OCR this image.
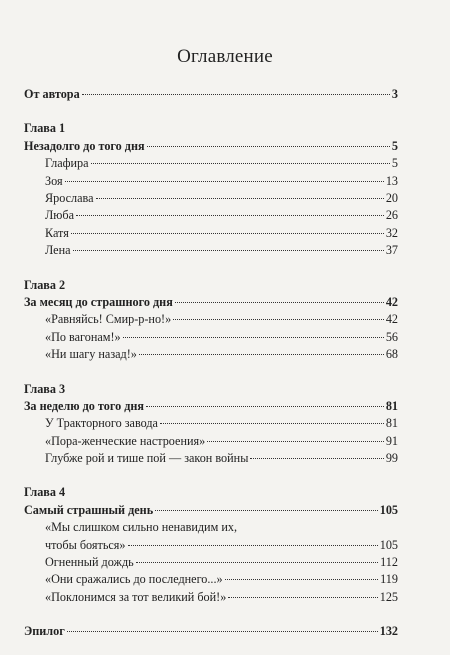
Оглавление
От автора	3
Глава 1
Незадолго до того дня	5
Глафира	5
Зоя	13
Ярослава	20
Люба	26
Катя	32
Лена	37
Глава 2
За месяц до страшного дня	42
«Равняйсь! Смир-р-но!»	42
«По вагонам!»	56
«Ни шагу назад!»	68
Глава 3
За неделю до того дня	81
У Тракторного завода	81
«Пора-женческие настроения»	91
Глубже рой и тише пой — закон войны	99
Глава 4
Самый страшный день	105
«Мы слишком сильно ненавидим их,
чтобы бояться»	105
Огненный дождь	112
«Они сражались до последнего...»	119
«Поклонимся за тот великий бой!»	125
Эпилог	132
